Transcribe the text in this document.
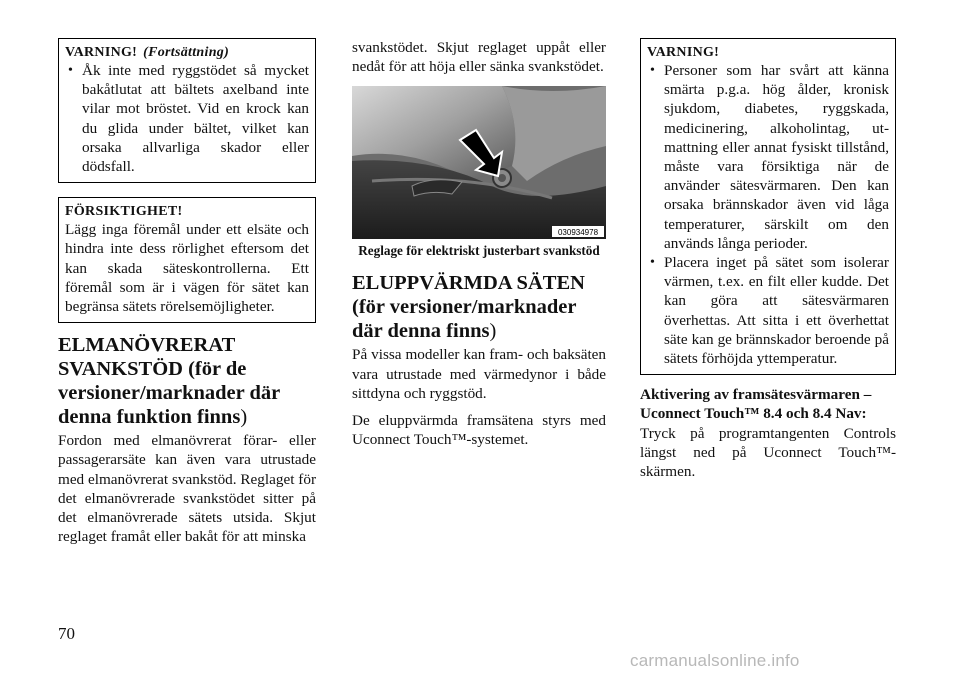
VARNING! (Fortsättning)
• Åk inte med ryggstödet så mycket bakåtlutat att bältets axelband inte vilar mot bröstet. Vid en krock kan du glida under bältet, vilket kan orsaka allvarliga skador eller dödsfall.
FÖRSIKTIGHET!

Lägg inga föremål under ett elsäte och hindra inte dess rörlighet eftersom det kan skada säteskontrollerna. Ett föremål som är i vägen för sätet kan begränsa sätets rörelsemöjligheter.

ELMANÖVRERAT SVANKSTÖD (för de versioner/marknader där denna funktion finns)

Fordon med elmanövrerat förar- eller passagerarsäte kan även vara utrustade med elmanövrerat svankstöd. Reglaget för det elmanövrerade svankstödet sitter på det elmanövrerade sätets utsida. Skjut reglaget framåt eller bakåt för att minska

svankstödet. Skjut reglaget uppåt eller nedåt för att höja eller sänka svankstödet.

030934978
Reglage för elektriskt justerbart svankstöd
ELUPPVÄRMDA SÄTEN (för versioner/marknader där denna finns)

På vissa modeller kan fram- och baksäten vara utrustade med värmedynor i både sittdyna och ryggstöd.

De eluppvärmda framsätena styrs med Uconnect Touch™-systemet.

VARNING!
• Personer som har svårt att känna smärta p.g.a. hög ålder, kronisk sjukdom, diabetes, ryggskada, medicinering, alkoholintag, utmattning eller annat fysiskt tillstånd, måste vara försiktiga när de använder sätesvärmaren. Den kan orsaka brännskador även vid låga temperaturer, särskilt om den används långa perioder.
• Placera inget på sätet som isolerar värmen, t.ex. en filt eller kudde. Det kan göra att sätesvärmaren överhettas. Att sitta i ett överhettat säte kan ge brännskador beroende på sätets förhöjda yttemperatur.
Aktivering av framsätesvärmaren – Uconnect Touch™ 8.4 och 8.4 Nav:

Tryck på programtangenten Controls längst ned på Uconnect Touch™-skärmen.

70
carmanualsonline.info
